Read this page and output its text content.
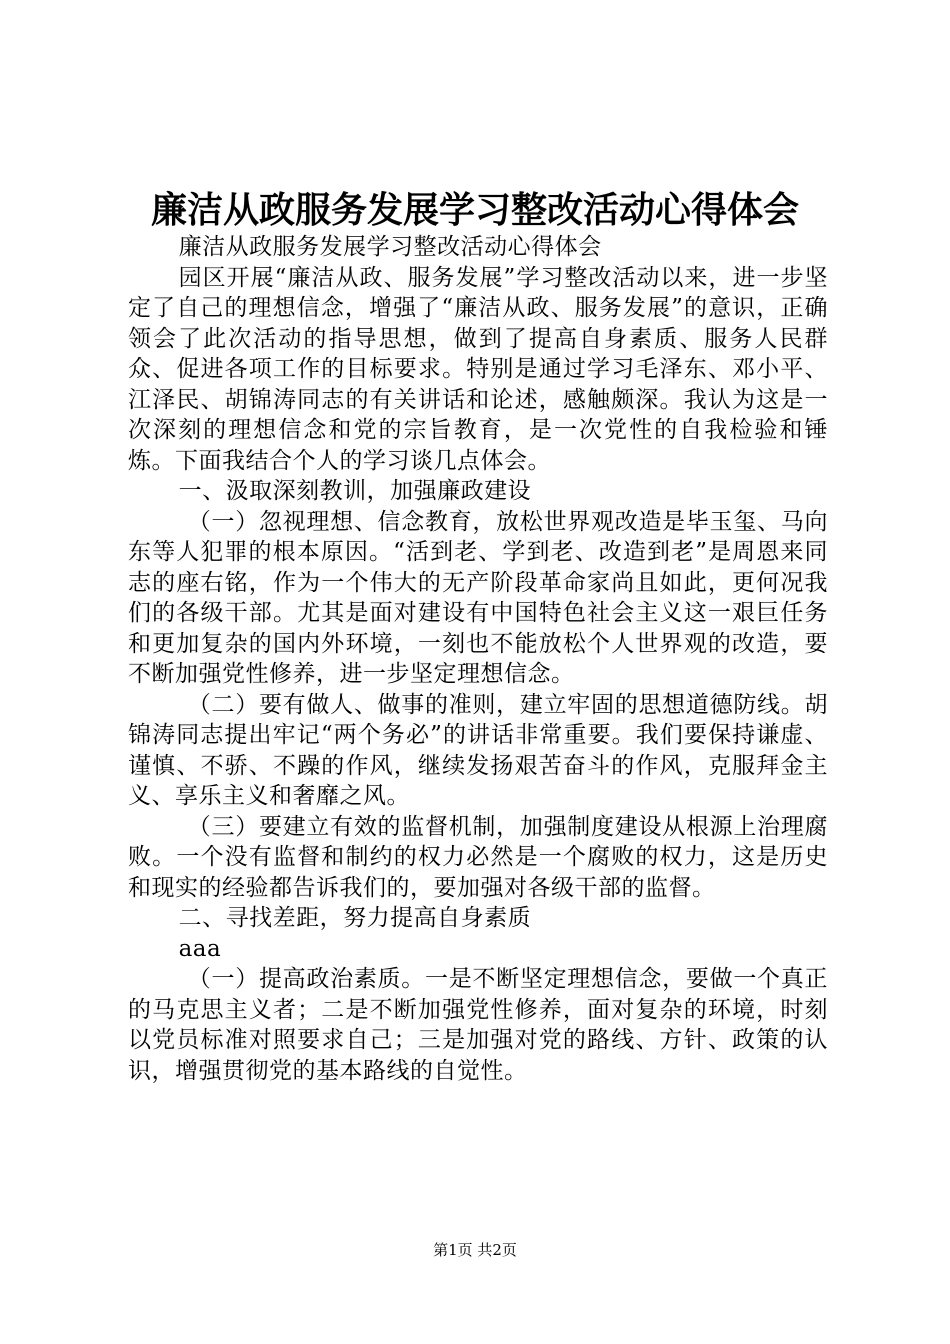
廉洁从政服务发展学习整改活动心得体会

廉洁从政服务发展学习整改活动心得体会

园区开展“廉洁从政、服务发展”学习整改活动以来，进一步坚定了自己的理想信念，增强了“廉洁从政、服务发展”的意识，正确领会了此次活动的指导思想，做到了提高自身素质、服务人民群众、促进各项工作的目标要求。特别是通过学习毛泽东、邓小平、江泽民、胡锦涛同志的有关讲话和论述，感触颇深。我认为这是一次深刻的理想信念和党的宗旨教育，是一次党性的自我检验和锤炼。下面我结合个人的学习谈几点体会。

一、汲取深刻教训，加强廉政建设

（一）忽视理想、信念教育，放松世界观改造是毕玉玺、马向东等人犯罪的根本原因。“活到老、学到老、改造到老”是周恩来同志的座右铭，作为一个伟大的无产阶段革命家尚且如此，更何况我们的各级干部。尤其是面对建设有中国特色社会主义这一艰巨任务和更加复杂的国内外环境，一刻也不能放松个人世界观的改造，要不断加强党性修养，进一步坚定理想信念。

（二）要有做人、做事的准则，建立牢固的思想道德防线。胡锦涛同志提出牢记“两个务必”的讲话非常重要。我们要保持谦虚、谨慎、不骄、不躁的作风，继续发扬艰苦奋斗的作风，克服拜金主义、享乐主义和奢靡之风。

（三）要建立有效的监督机制，加强制度建设从根源上治理腐败。一个没有监督和制约的权力必然是一个腐败的权力，这是历史和现实的经验都告诉我们的，要加强对各级干部的监督。

二、寻找差距，努力提高自身素质

aaa

（一）提高政治素质。一是不断坚定理想信念，要做一个真正的马克思主义者；二是不断加强党性修养，面对复杂的环境，时刻以党员标准对照要求自己；三是加强对党的路线、方针、政策的认识，增强贯彻党的基本路线的自觉性。

第1页 共2页
